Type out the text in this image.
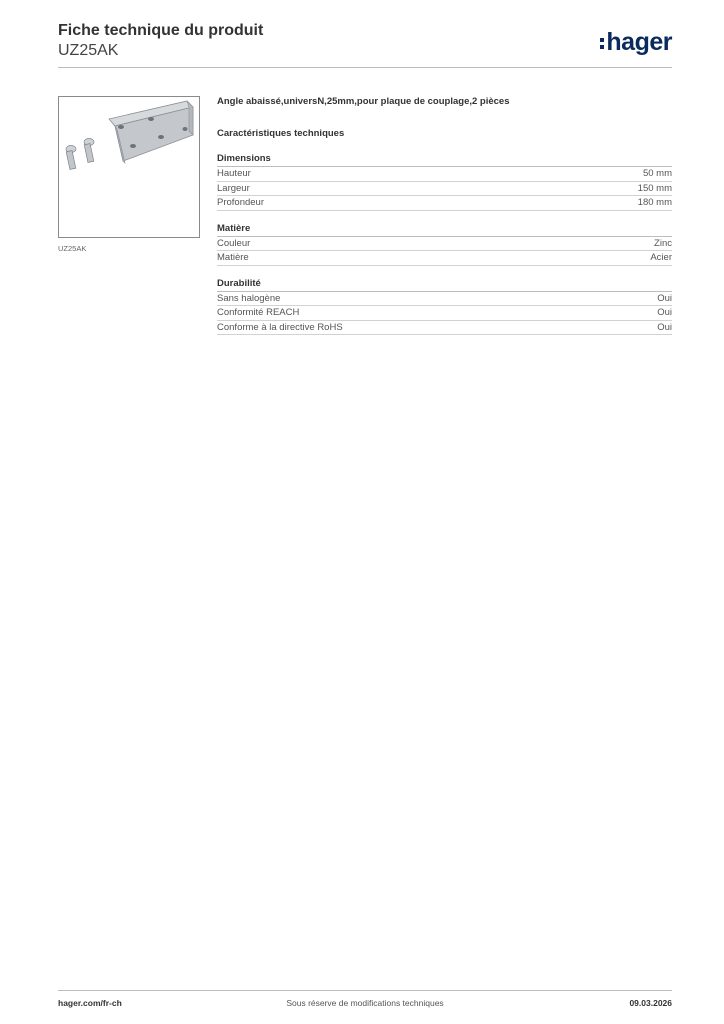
Fiche technique du produit
UZ25AK	hager
UZ25AK
Angle abaissé,universN,25mm,pour plaque de couplage,2 pièces
Caractéristiques techniques
Dimensions
Hauteur	50 mm
Largeur	150 mm
Profondeur	180 mm
Matière
Couleur	Zinc
Matière	Acier
Durabilité
Sans halogène	Oui
Conformité REACH	Oui
Conforme à la directive RoHS	Oui
hager.com/fr-ch	Sous réserve de modifications techniques	09.03.2026
